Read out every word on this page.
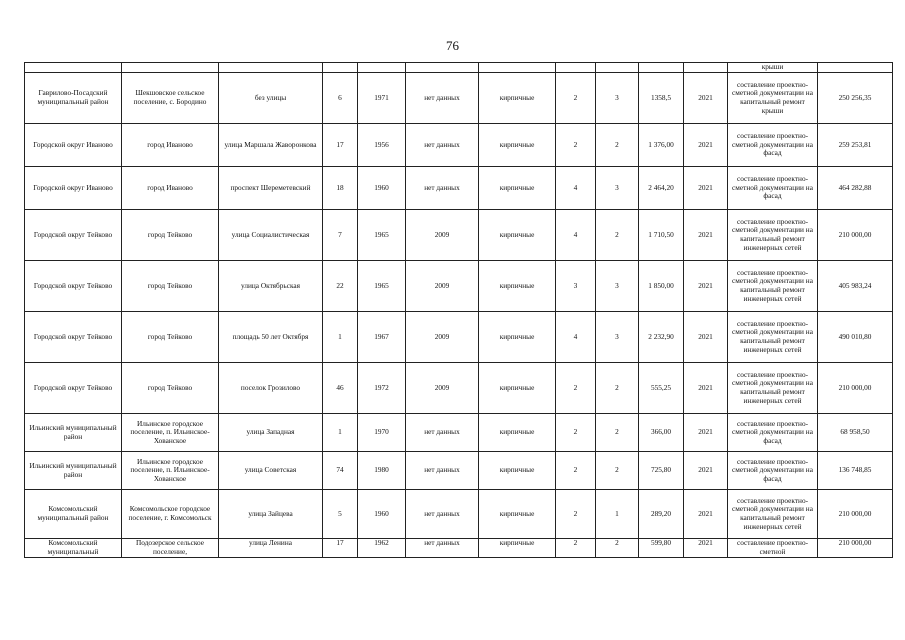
76
											крыши	
Гаврилово-Посадский муниципальный район	Шекшовское сельское поселение, с. Бородино	без улицы	6	1971	нет данных	кирпичные	2	3	1358,5	2021	составление проектно-сметной документации на капитальный ремонт крыши	250 256,35
Городской округ Иваново	город Иваново	улица Маршала Жаворонкова	17	1956	нет данных	кирпичные	2	2	1 376,00	2021	составление проектно-сметной документации на фасад	259 253,81
Городской округ Иваново	город Иваново	проспект Шереметевский	18	1960	нет данных	кирпичные	4	3	2 464,20	2021	составление проектно-сметной документации на фасад	464 282,88
Городской округ Тейково	город Тейково	улица Социалистическая	7	1965	2009	кирпичные	4	2	1 710,50	2021	составление проектно-сметной документации на капитальный ремонт инженерных сетей	210 000,00
Городской округ Тейково	город Тейково	улица Октябрьская	22	1965	2009	кирпичные	3	3	1 850,00	2021	составление проектно-сметной документации на капитальный ремонт инженерных сетей	405 983,24
Городской округ Тейково	город Тейково	площадь 50 лет Октября	1	1967	2009	кирпичные	4	3	2 232,90	2021	составление проектно-сметной документации на капитальный ремонт инженерных сетей	490 010,80
Городской округ Тейково	город Тейково	поселок Грозилово	46	1972	2009	кирпичные	2	2	555,25	2021	составление проектно-сметной документации на капитальный ремонт инженерных сетей	210 000,00
Ильинский муниципальный район	Ильинское городское поселение, п. Ильинское-Хованское	улица Западная	1	1970	нет данных	кирпичные	2	2	366,00	2021	составление проектно-сметной документации на фасад	68 958,50
Ильинский муниципальный район	Ильинское городское поселение, п. Ильинское-Хованское	улица Советская	74	1980	нет данных	кирпичные	2	2	725,80	2021	составление проектно-сметной документации на фасад	136 748,85
Комсомольский муниципальный район	Комсомольское городское поселение, г. Комсомольск	улица Зайцева	5	1960	нет данных	кирпичные	2	1	289,20	2021	составление проектно-сметной документации на капитальный ремонт инженерных сетей	210 000,00
Комсомольский муниципальный	Подозерское сельское поселение,	улица Ленина	17	1962	нет данных	кирпичные	2	2	599,80	2021	составление проектно-сметной	210 000,00
